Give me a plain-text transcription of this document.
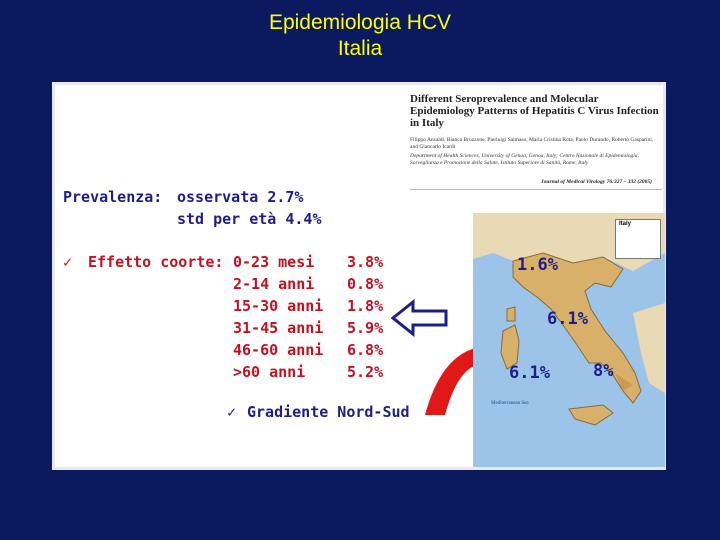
Epidemiologia HCV
Italia
Different Seroprevalence and Molecular Epidemiology Patterns of Hepatitis C Virus Infection in Italy
Filippo Ansaldi, Bianca Bruzzone, Pierluigi Salmaso, Maria Cristina Rota, Paolo Durando, Roberto Gasparini, and Giancarlo Icardi
Department of Health Sciences, University of Genoa, Genoa, Italy; Centro Nazionale di Epidemiologia, Sorveglianza e Promozione della Salute, Istituto Superiore di Sanità, Rome, Italy
Journal of Medical Virology 76:327 – 332 (2005)
Prevalenza: osservata 2.7%
std per età 4.4%
✓ Effetto coorte: 0-23 mesi 3.8%
2-14 anni 0.8%
15-30 anni 1.8%
31-45 anni 5.9%
46-60 anni 6.8%
>60 anni	5.2%
✓ Gradiente Nord-Sud
Italy
1.6%
6.1%
6.1%	8%
Mediterranean Sea
